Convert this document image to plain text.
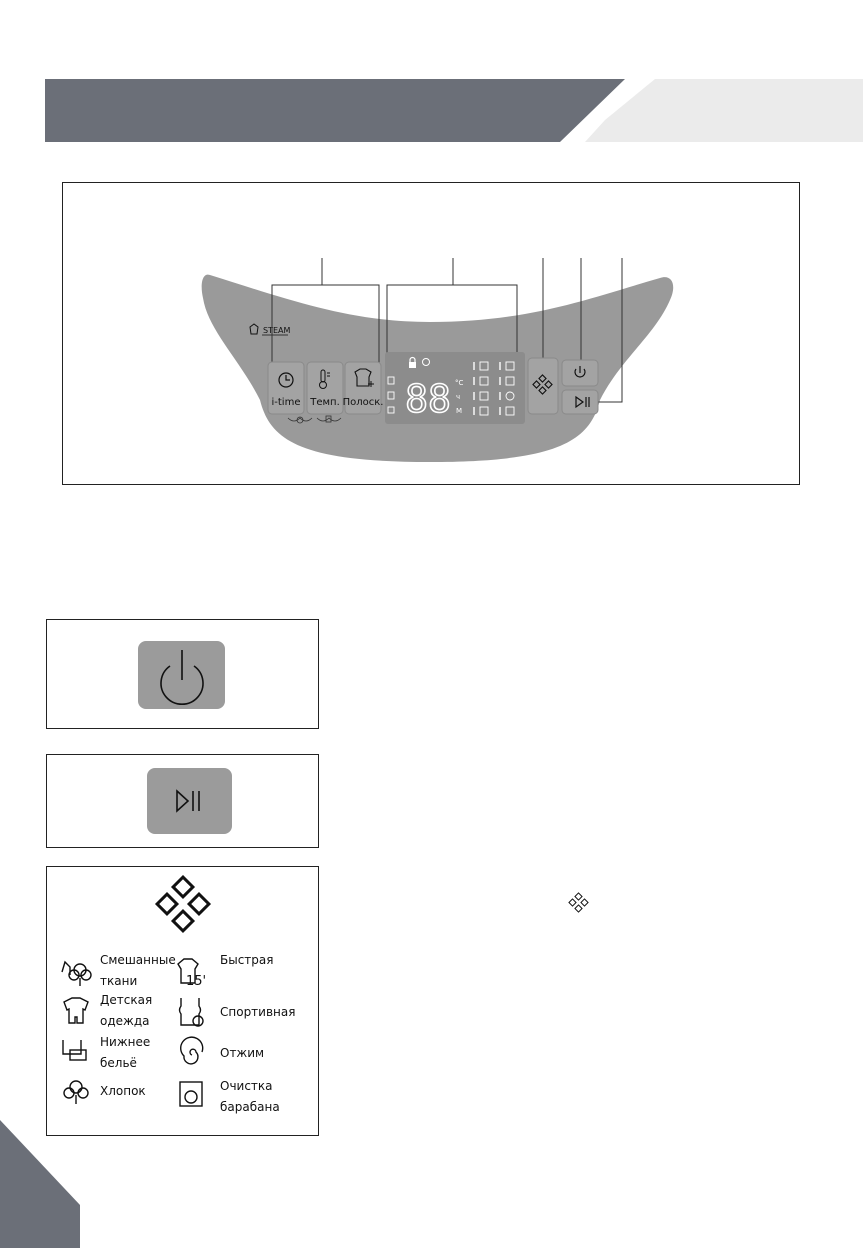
STEAM
i-time Темп. Полоск. 88 °C
ч
M
15'
Смешанные
ткани
Быстрая
Детская
одежда
Спортивная
Нижнее
бельё
Отжим
Хлопок	Очистка
барабана
